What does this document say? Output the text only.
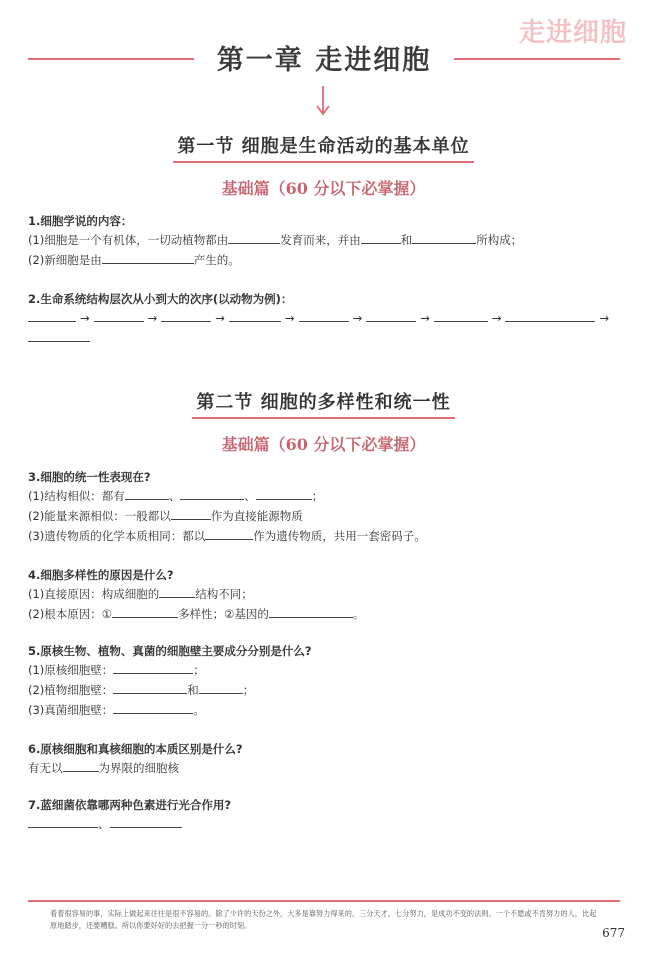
走进细胞
第一章 走进细胞
第一节 细胞是生命活动的基本单位
基础篇（60 分以下必掌握）
1.细胞学说的内容：
(1)细胞是一个有机体，一切动植物都由	发育而来，并由	和	所构成；
(2)新细胞是由	产生的。
2.生命系统结构层次从小到大的次序(以动物为例)：
→	→	→	→	→	→	→	→
第二节 细胞的多样性和统一性
基础篇（60 分以下必掌握）
3.细胞的统一性表现在?
(1)结构相似：都有	、	、	；
(2)能量来源相似：一般都以	作为直接能源物质
(3)遗传物质的化学本质相同：都以	作为遗传物质，共用一套密码子。
4.细胞多样性的原因是什么?
(1)直接原因：构成细胞的	结构不同；
(2)根本原因：①	多样性；②基因的	。
5.原核生物、植物、真菌的细胞壁主要成分分别是什么?
(1)原核细胞壁：	；
(2)植物细胞壁：	和	；
(3)真菌细胞壁：	。
6.原核细胞和真核细胞的本质区别是什么?
有无以	为界限的细胞核
7.蓝细菌依靠哪两种色素进行光合作用?
、
看着很容易的事，实际上做起来往往是很不容易的。除了少许的天份之外，大多是靠努力得来的，三分天才，七分努力，是成功不变的法则。一个不愿或不肯努力的人，比起原地踏步，还要糟糕。所以你要好好的去把握一分一秒的时刻。
677
